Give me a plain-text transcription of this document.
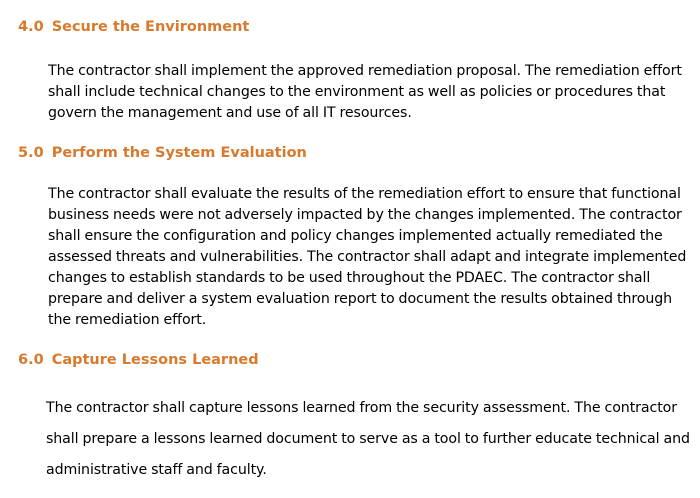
4.0 Secure the Environment
The contractor shall implement the approved remediation proposal. The remediation effort
shall include technical changes to the environment as well as policies or procedures that
govern the management and use of all IT resources.
5.0 Perform the System Evaluation
The contractor shall evaluate the results of the remediation effort to ensure that functional
business needs were not adversely impacted by the changes implemented. The contractor
shall ensure the configuration and policy changes implemented actually remediated the
assessed threats and vulnerabilities. The contractor shall adapt and integrate implemented
changes to establish standards to be used throughout the PDAEC. The contractor shall
prepare and deliver a system evaluation report to document the results obtained through
the remediation effort.
6.0 Capture Lessons Learned
The contractor shall capture lessons learned from the security assessment. The contractor
shall prepare a lessons learned document to serve as a tool to further educate technical and
administrative staff and faculty.
